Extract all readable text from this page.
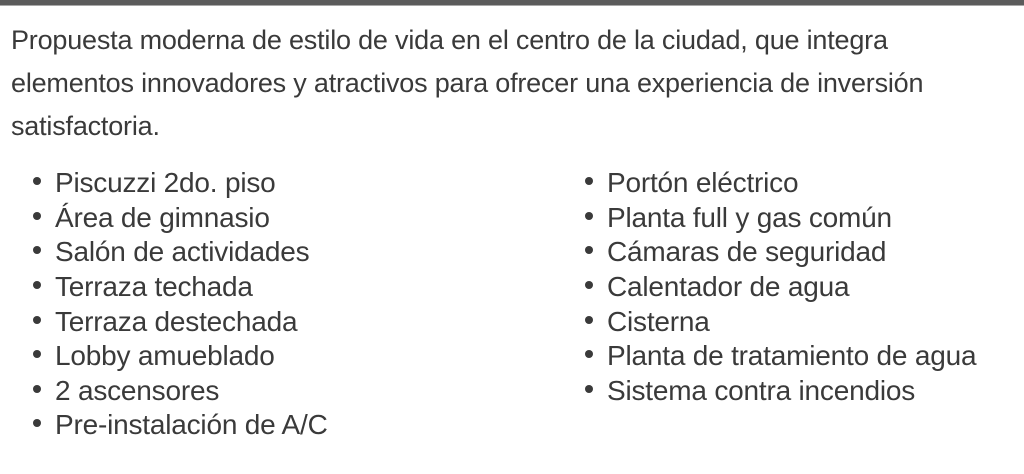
Propuesta moderna de estilo de vida en el centro de la ciudad, que integra
elementos innovadores y atractivos para ofrecer una experiencia de inversión
satisfactoria.
Piscuzzi 2do. piso
Área de gimnasio
Salón de actividades
Terraza techada
Terraza destechada
Lobby amueblado
2 ascensores
Pre-instalación de A/C
Portón eléctrico
Planta full y gas común
Cámaras de seguridad
Calentador de agua
Cisterna
Planta de tratamiento de agua
Sistema contra incendios
